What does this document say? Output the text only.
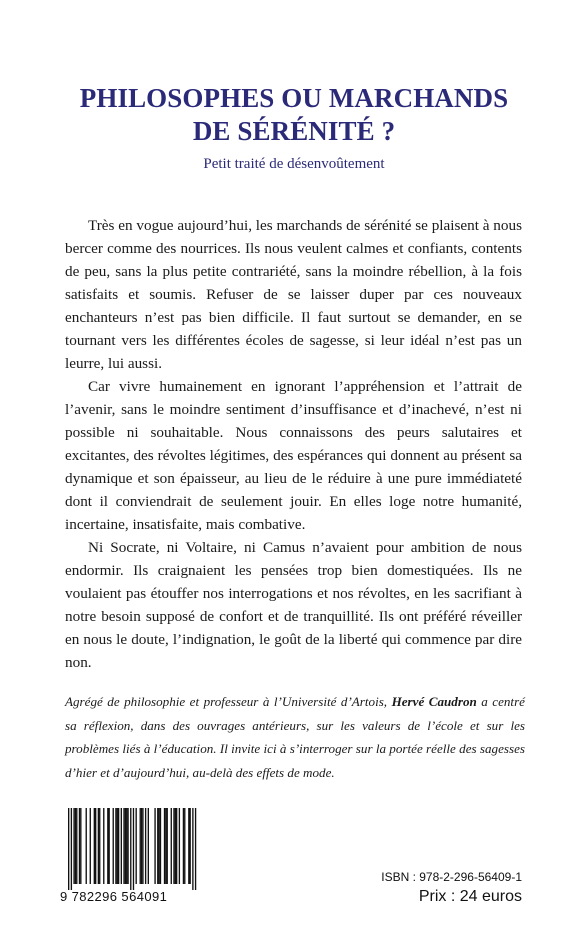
PHILOSOPHES OU MARCHANDS
DE SÉRÉNITÉ ?
Petit traité de désenvoûtement

Très en vogue aujourd’hui, les marchands de sérénité se plaisent à nous bercer comme des nourrices. Ils nous veulent calmes et confiants, contents de peu, sans la plus petite contrariété, sans la moindre rébellion, à la fois satisfaits et soumis. Refuser de se laisser duper par ces nouveaux enchanteurs n’est pas bien difficile. Il faut surtout se demander, en se tournant vers les différentes écoles de sagesse, si leur idéal n’est pas un leurre, lui aussi.

Car vivre humainement en ignorant l’appréhension et l’attrait de l’avenir, sans le moindre sentiment d’insuffisance et d’inachevé, n’est ni possible ni souhaitable. Nous connaissons des peurs salutaires et excitantes, des révoltes légitimes, des espérances qui donnent au présent sa dynamique et son épaisseur, au lieu de le réduire à une pure immédiateté dont il conviendrait de seulement jouir. En elles loge notre humanité, incertaine, insatisfaite, mais combative.

Ni Socrate, ni Voltaire, ni Camus n’avaient pour ambition de nous endormir. Ils craignaient les pensées trop bien domestiquées. Ils ne voulaient pas étouffer nos interrogations et nos révoltes, en les sacrifiant à notre besoin supposé de confort et de tranquillité. Ils ont préféré réveiller en nous le doute, l’indignation, le goût de la liberté qui commence par dire non.

Agrégé de philosophie et professeur à l’Université d’Artois, Hervé Caudron a centré sa réflexion, dans des ouvrages antérieurs, sur les valeurs de l’école et sur les problèmes liés à l’éducation. Il invite ici à s’interroger sur la portée réelle des sagesses d’hier et d’aujourd’hui, au-delà des effets de mode.
9 782296 564091
ISBN : 978-2-296-56409-1
Prix : 24 euros
